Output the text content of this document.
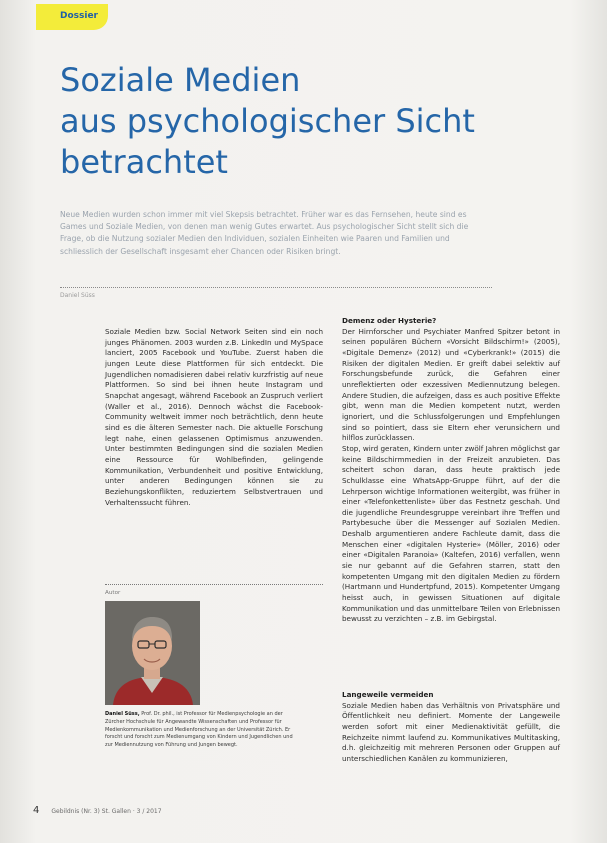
Dossier
Soziale Medien
aus psychologischer Sicht
betrachtet

Neue Medien wurden schon immer mit viel Skepsis betrachtet. Früher war es das Fernsehen, heute sind es Games und Soziale Medien, von denen man wenig Gutes erwartet. Aus psychologischer Sicht stellt sich die Frage, ob die Nutzung sozialer Medien den Individuen, sozialen Einheiten wie Paaren und Familien und schliesslich der Gesellschaft insgesamt eher Chancen oder Risiken bringt.

Daniel Süss

Soziale Medien bzw. Social Network Seiten sind ein noch junges Phänomen. 2003 wurden z.B. LinkedIn und MySpace lanciert, 2005 Facebook und YouTube. Zuerst haben die jungen Leute diese Plattformen für sich entdeckt. Die Jugendlichen nomadisieren dabei relativ kurzfristig auf neue Plattformen. So sind bei ihnen heute Instagram und Snapchat angesagt, während Facebook an Zuspruch verliert (Waller et al., 2016). Dennoch wächst die Facebook-Community weltweit immer noch beträchtlich, denn heute sind es die älteren Semester nach. Die aktuelle Forschung legt nahe, einen gelassenen Optimismus anzuwenden. Unter bestimmten Bedingungen sind die sozialen Medien eine Ressource für Wohlbefinden, gelingende Kommunikation, Verbundenheit und positive Entwicklung, unter anderen Bedingungen können sie zu Beziehungskonflikten, reduziertem Selbstvertrauen und Verhaltenssucht führen.

Autor
Daniel Süss, Prof. Dr. phil., ist Professor für Medienpsychologie an der Zürcher Hochschule für Angewandte Wissenschaften und Professor für Medienkommunikation und Medienforschung an der Universität Zürich. Er forscht und forscht zum Medienumgang von Kindern und Jugendlichen und zur Mediennutzung von Führung und Jungen bewegt.
Demenz oder Hysterie?
Der Hirnforscher und Psychiater Manfred Spitzer betont in seinen populären Büchern «Vorsicht Bildschirm!» (2005), «Digitale Demenz» (2012) und «Cyberkrank!» (2015) die Risiken der digitalen Medien. Er greift dabei selektiv auf Forschungsbefunde zurück, die Gefahren einer unreflektierten oder exzessiven Mediennutzung belegen. Andere Studien, die aufzeigen, dass es auch positive Effekte gibt, wenn man die Medien kompetent nutzt, werden ignoriert, und die Schlussfolgerungen und Empfehlungen sind so pointiert, dass sie Eltern eher verunsichern und hilflos zurücklassen.
Stop, wird geraten, Kindern unter zwölf Jahren möglichst gar keine Bildschirmmedien in der Freizeit anzubieten. Das scheitert schon daran, dass heute praktisch jede Schulklasse eine WhatsApp-Gruppe führt, auf der die Lehrperson wichtige Informationen weitergibt, was früher in einer «Telefonkettenliste» über das Festnetz geschah. Und die jugendliche Freundesgruppe vereinbart ihre Treffen und Partybesuche über die Messenger auf Sozialen Medien. Deshalb argumentieren andere Fachleute damit, dass die Menschen einer «digitalen Hysterie» (Möller, 2016) oder einer «Digitalen Paranoia» (Kaltefen, 2016) verfallen, wenn sie nur gebannt auf die Gefahren starren, statt den kompetenten Umgang mit den digitalen Medien zu fördern (Hartmann und Hundertpfund, 2015). Kompetenter Umgang heisst auch, in gewissen Situationen auf digitale Kommunikation und das unmittelbare Teilen von Erlebnissen bewusst zu verzichten – z.B. im Gebirgstal.
Langeweile vermeiden
Soziale Medien haben das Verhältnis von Privatsphäre und Öffentlichkeit neu definiert. Momente der Langeweile werden sofort mit einer Medienaktivität gefüllt, die Reichzeite nimmt laufend zu. Kommunikatives Multitasking, d.h. gleichzeitig mit mehreren Personen oder Gruppen auf unterschiedlichen Kanälen zu kommunizieren,
4 Gebildnis (Nr. 3) St. Gallen · 3 / 2017
